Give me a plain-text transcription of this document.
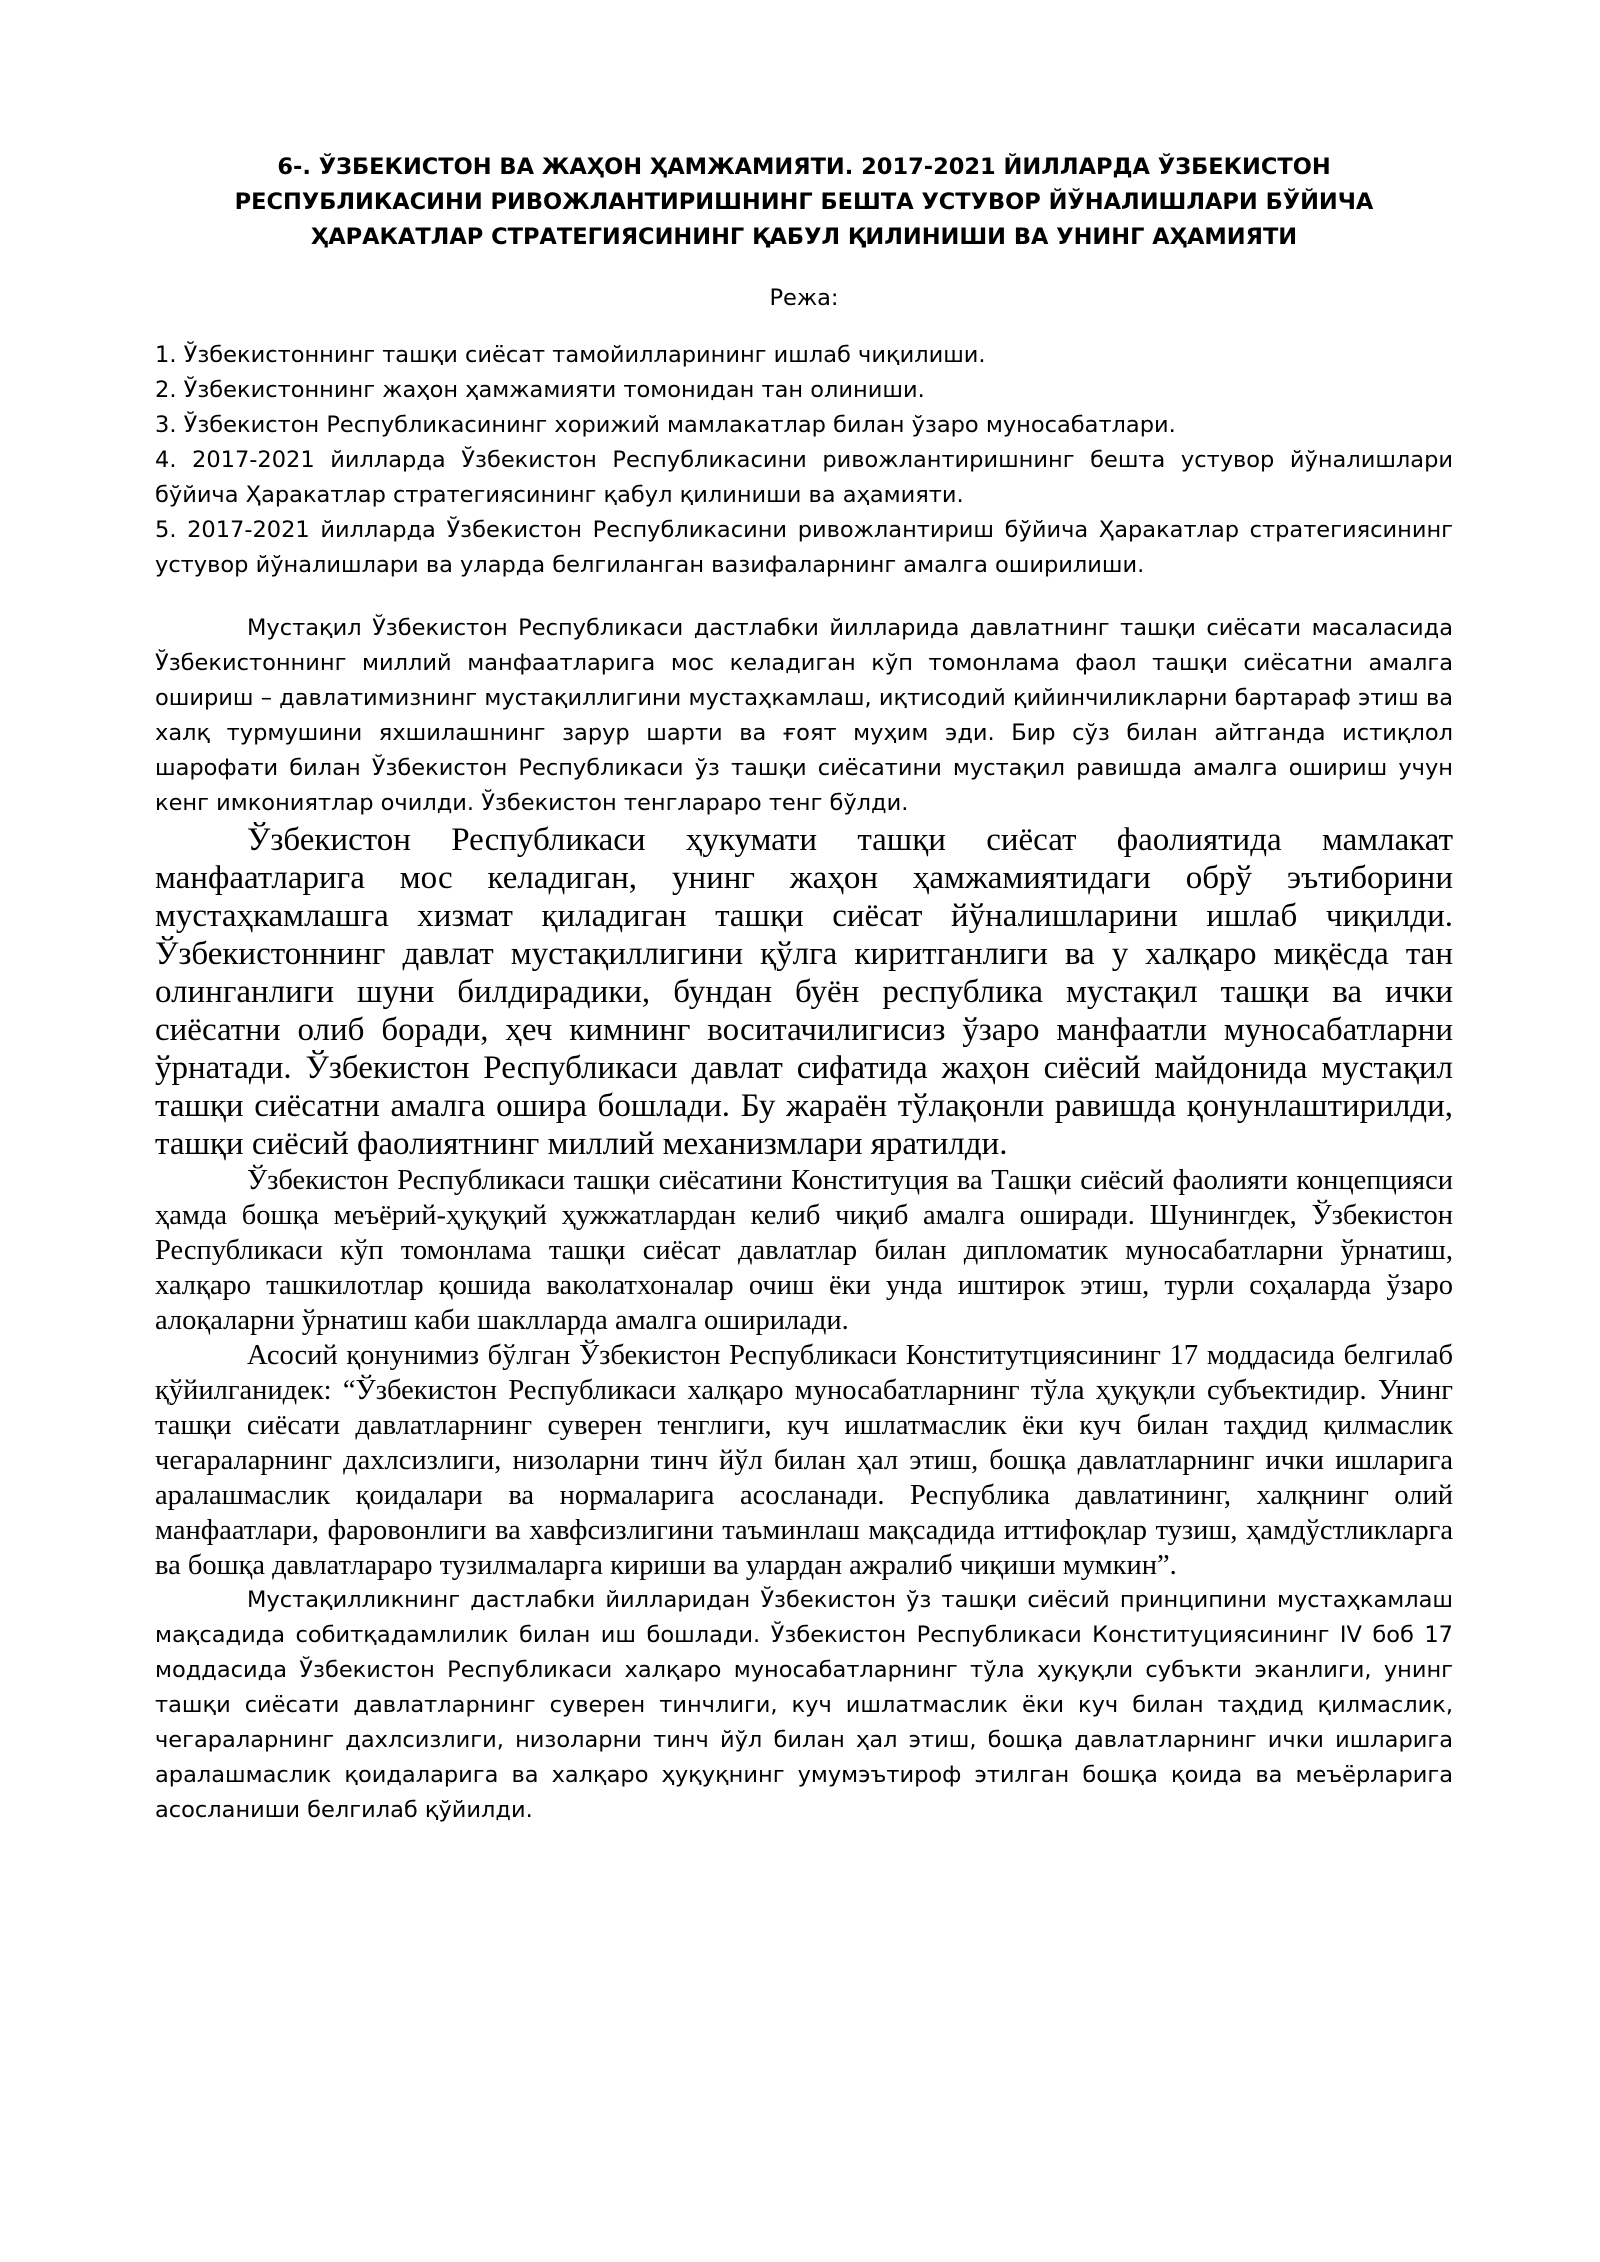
6-. ЎЗБЕКИСТОН ВА ЖАҲОН ҲАМЖАМИЯТИ. 2017-2021 ЙИЛЛАРДА ЎЗБЕКИСТОН РЕСПУБЛИКАСИНИ РИВОЖЛАНТИРИШНИНГ БЕШТА УСТУВОР ЙЎНАЛИШЛАРИ БЎЙИЧА ҲАРАКАТЛАР СТРАТЕГИЯСИНИНГ ҚАБУЛ ҚИЛИНИШИ ВА УНИНГ АҲАМИЯТИ

Режа:

1. Ўзбекистоннинг ташқи сиёсат тамойилларининг ишлаб чиқилиши.
2. Ўзбекистоннинг жаҳон ҳамжамияти томонидан тан олиниши.
3. Ўзбекистон Республикасининг хорижий мамлакатлар билан ўзаро муносабатлари.
4. 2017-2021 йилларда Ўзбекистон Республикасини ривожлантиришнинг бешта устувор йўналишлари бўйича Ҳаракатлар стратегиясининг қабул қилиниши ва аҳамияти.
5. 2017-2021 йилларда Ўзбекистон Республикасини ривожлантириш бўйича Ҳаракатлар стратегиясининг устувор йўналишлари ва уларда белгиланган вазифаларнинг амалга оширилиши.

Мустақил Ўзбекистон Республикаси дастлабки йилларида давлатнинг ташқи сиёсати масаласида Ўзбекистоннинг миллий манфаатларига мос келадиган кўп томонлама фаол ташқи сиёсатни амалга ошириш – давлатимизнинг мустақиллигини мустаҳкамлаш, иқтисодий қийинчиликларни бартараф этиш ва халқ турмушини яхшилашнинг зарур шарти ва ғоят муҳим эди. Бир сўз билан айтганда истиқлол шарофати билан Ўзбекистон Республикаси ўз ташқи сиёсатини мустақил равишда амалга ошириш учун кенг имкониятлар очилди. Ўзбекистон тенглараро тенг бўлди.

Ўзбекистон Республикаси ҳукумати ташқи сиёсат фаолиятида мамлакат манфаатларига мос келадиган, унинг жаҳон ҳамжамиятидаги обрў эътиборини мустаҳкамлашга хизмат қиладиган ташқи сиёсат йўналишларини ишлаб чиқилди. Ўзбекистоннинг давлат мустақиллигини қўлга киритганлиги ва у халқаро миқёсда тан олинганлиги шуни билдирадики, бундан буён республика мустақил ташқи ва ички сиёсатни олиб боради, ҳеч кимнинг воситачилигисиз ўзаро манфаатли муносабатларни ўрнатади. Ўзбекистон Республикаси давлат сифатида жаҳон сиёсий майдонида мустақил ташқи сиёсатни амалга ошира бошлади. Бу жараён тўлақонли равишда қонунлаштирилди, ташқи сиёсий фаолиятнинг миллий механизмлари яратилди.

Ўзбекистон Республикаси ташқи сиёсатини Конституция ва Ташқи сиёсий фаолияти концепцияси ҳамда бошқа меъёрий-ҳуқуқий ҳужжатлардан келиб чиқиб амалга оширади. Шунингдек, Ўзбекистон Республикаси кўп томонлама ташқи сиёсат давлатлар билан дипломатик муносабатларни ўрнатиш, халқаро ташкилотлар қошида ваколатхоналар очиш ёки унда иштирок этиш, турли соҳаларда ўзаро алоқаларни ўрнатиш каби шаклларда амалга оширилади.

Асосий қонунимиз бўлган Ўзбекистон Республикаси Конститутциясининг 17 моддасида белгилаб қўйилганидек: “Ўзбекистон Республикаси халқаро муносабатларнинг тўла ҳуқуқли субъектидир. Унинг ташқи сиёсати давлатларнинг суверен тенглиги, куч ишлатмаслик ёки куч билан таҳдид қилмаслик чегараларнинг дахлсизлиги, низоларни тинч йўл билан ҳал этиш, бошқа давлатларнинг ички ишларига аралашмаслик қоидалари ва нормаларига асосланади. Республика давлатининг, халқнинг олий манфаатлари, фаровонлиги ва хавфсизлигини таъминлаш мақсадида иттифоқлар тузиш, ҳамдўстликларга ва бошқа давлатлараро тузилмаларга кириши ва улардан ажралиб чиқиши мумкин”.

Мустақилликнинг дастлабки йилларидан Ўзбекистон ўз ташқи сиёсий принципини мустаҳкамлаш мақсадида собитқадамлилик билан иш бошлади. Ўзбекистон Республикаси Конституциясининг IV боб 17 моддасида Ўзбекистон Республикаси халқаро муносабатларнинг тўла ҳуқуқли субъкти эканлиги, унинг ташқи сиёсати давлатларнинг суверен тинчлиги, куч ишлатмаслик ёки куч билан таҳдид қилмаслик, чегараларнинг дахлсизлиги, низоларни тинч йўл билан ҳал этиш, бошқа давлатларнинг ички ишларига аралашмаслик қоидаларига ва халқаро ҳуқуқнинг умумэътироф этилган бошқа қоида ва меъёрларига асосланиши белгилаб қўйилди.
